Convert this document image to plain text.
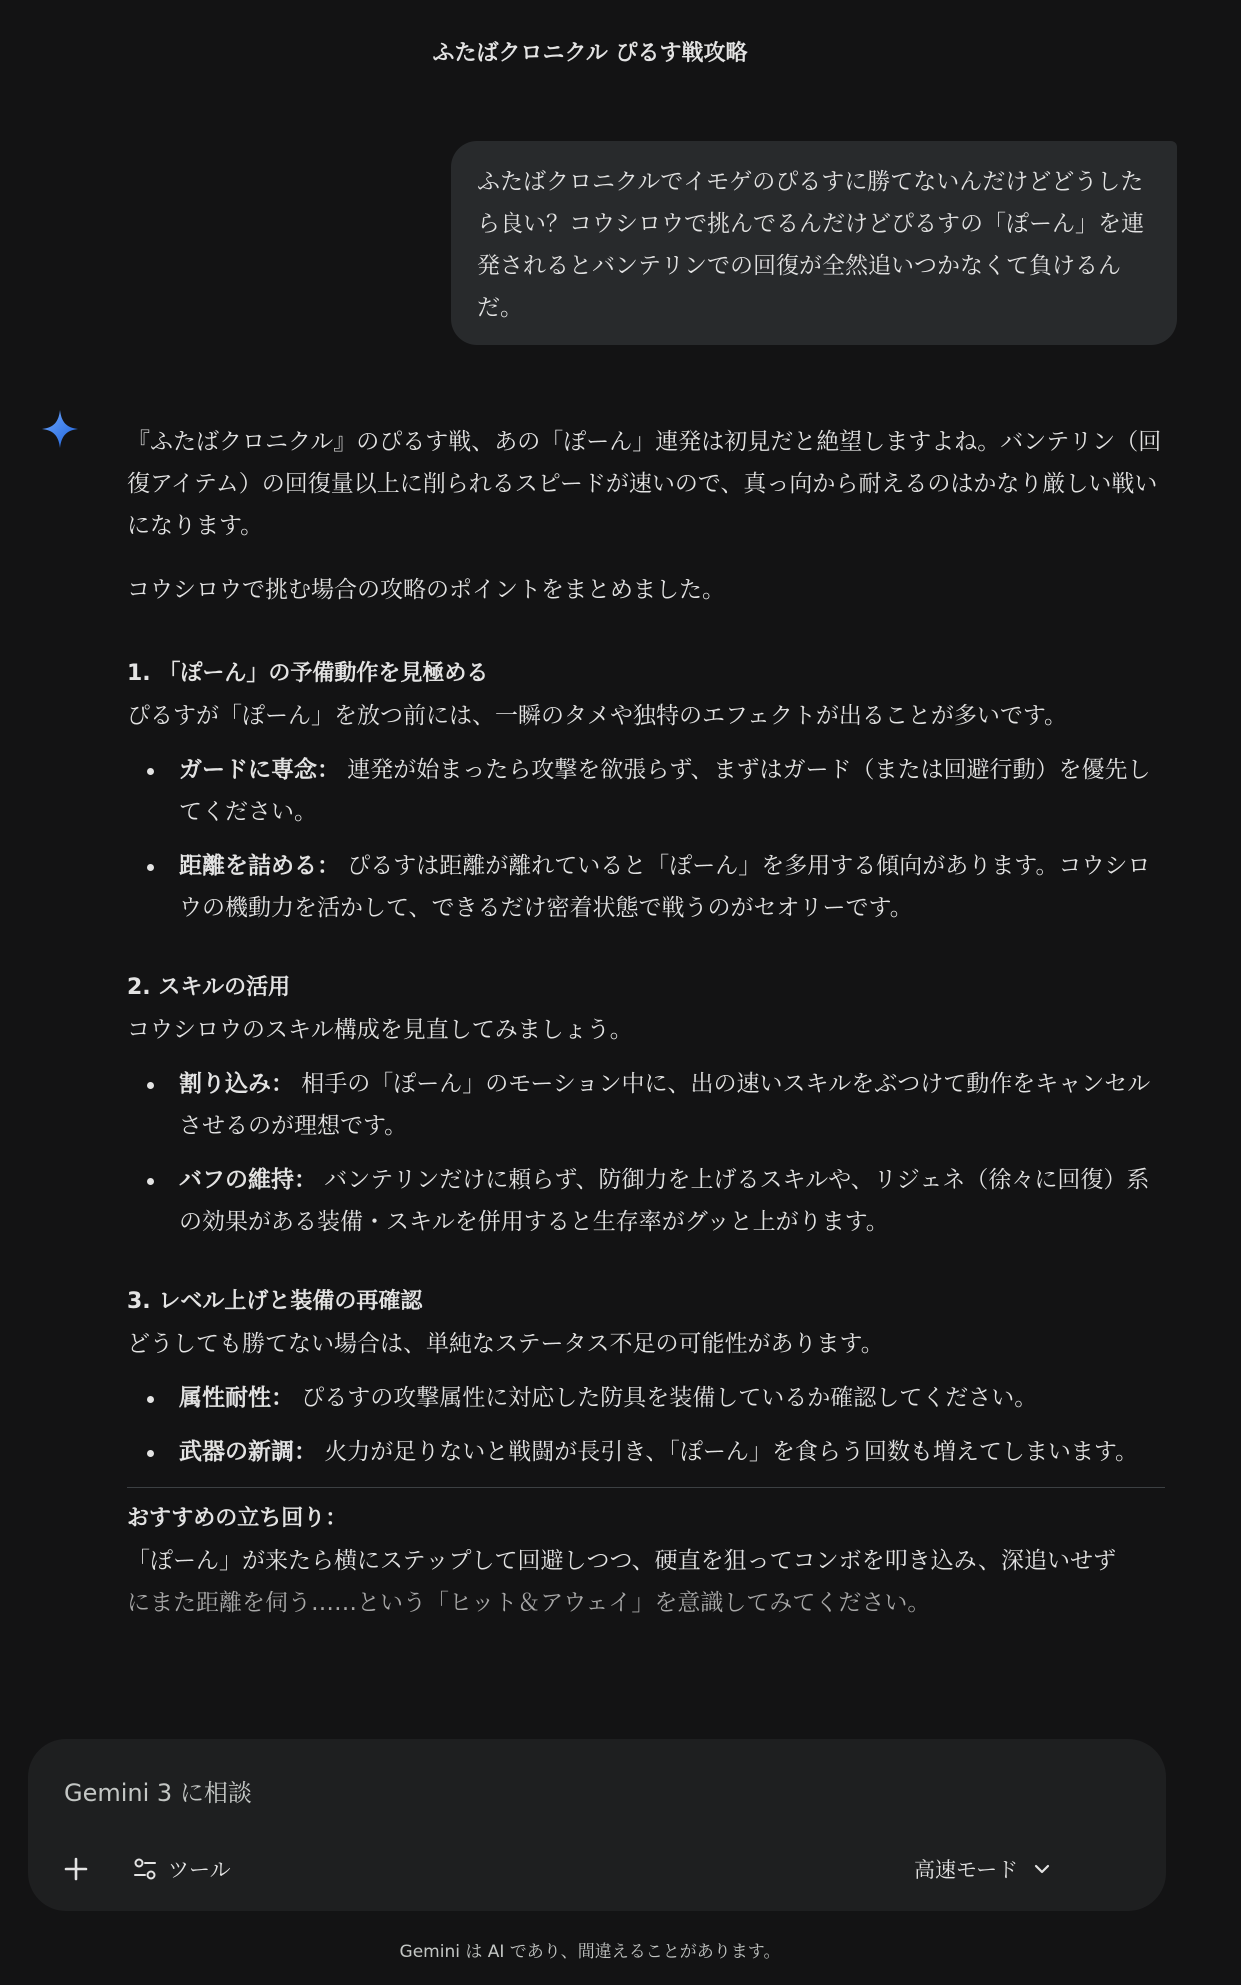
ふたばクロニクル ぴるす戦攻略
ふたばクロニクルでイモゲのぴるすに勝てないんだけどどうしたら良い？コウシロウで挑んでるんだけどぴるすの「ぽーん」を連発されるとバンテリンでの回復が全然追いつかなくて負けるんだ。

『ふたばクロニクル』のぴるす戦、あの「ぽーん」連発は初見だと絶望しますよね。バンテリン（回復アイテム）の回復量以上に削られるスピードが速いので、真っ向から耐えるのはかなり厳しい戦いになります。

コウシロウで挑む場合の攻略のポイントをまとめました。

1. 「ぽーん」の予備動作を見極める

ぴるすが「ぽーん」を放つ前には、一瞬のタメや独特のエフェクトが出ることが多いです。

ガードに専念： 連発が始まったら攻撃を欲張らず、まずはガード（または回避行動）を優先してください。
距離を詰める： ぴるすは距離が離れていると「ぽーん」を多用する傾向があります。コウシロウの機動力を活かして、できるだけ密着状態で戦うのがセオリーです。

2. スキルの活用

コウシロウのスキル構成を見直してみましょう。

割り込み： 相手の「ぽーん」のモーション中に、出の速いスキルをぶつけて動作をキャンセルさせるのが理想です。
バフの維持： バンテリンだけに頼らず、防御力を上げるスキルや、リジェネ（徐々に回復）系の効果がある装備・スキルを併用すると生存率がグッと上がります。

3. レベル上げと装備の再確認

どうしても勝てない場合は、単純なステータス不足の可能性があります。

属性耐性： ぴるすの攻撃属性に対応した防具を装備しているか確認してください。
武器の新調： 火力が足りないと戦闘が長引き、「ぽーん」を食らう回数も増えてしまいます。

おすすめの立ち回り：

「ぽーん」が来たら横にステップして回避しつつ、硬直を狙ってコンボを叩き込み、深追いせず

にまた距離を伺う……という「ヒット＆アウェイ」を意識してみてください。

Gemini 3 に相談
ツール	高速モード
Gemini は AI であり、間違えることがあります。
